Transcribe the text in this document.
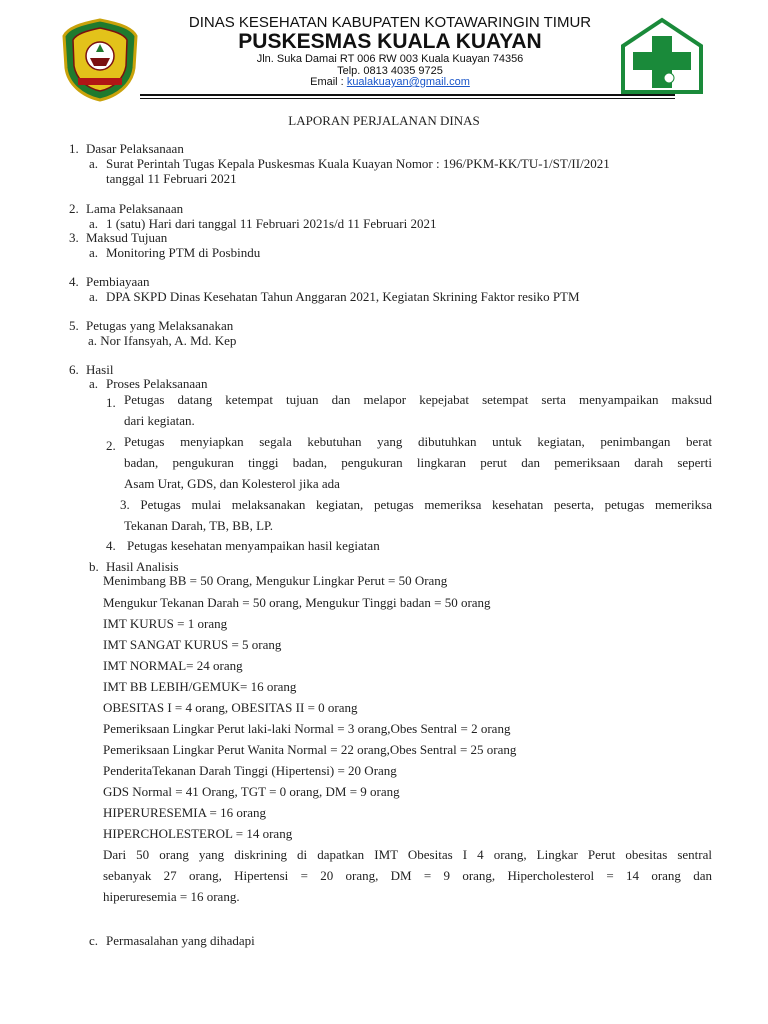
DINAS KESEHATAN KABUPATEN KOTAWARINGIN TIMUR
PUSKESMAS KUALA KUAYAN
Jln. Suka Damai RT 006 RW 003 Kuala Kuayan 74356
Telp. 0813 4035 9725
Email : kualakuayan@gmail.com
LAPORAN PERJALANAN DINAS
1. Dasar Pelaksanaan
a. Surat Perintah Tugas Kepala Puskesmas Kuala Kuayan Nomor : 196/PKM-KK/TU-1/ST/II/2021
tanggal 11 Februari 2021
2. Lama Pelaksanaan
a. 1 (satu) Hari dari tanggal 11 Februari 2021s/d 11 Februari 2021
3. Maksud Tujuan
a. Monitoring PTM di Posbindu
4. Pembiayaan
a. DPA SKPD Dinas Kesehatan Tahun Anggaran 2021, Kegiatan Skrining Faktor resiko PTM
5. Petugas yang Melaksanakan
a. Nor Ifansyah, A. Md. Kep
6. Hasil
a. Proses Pelaksanaan
1. Petugas datang ketempat tujuan dan melapor kepejabat setempat serta menyampaikan maksud
dari kegiatan.
2. Petugas menyiapkan segala kebutuhan yang dibutuhkan untuk kegiatan, penimbangan berat
badan, pengukuran tinggi badan, pengukuran lingkaran perut dan pemeriksaan darah seperti
Asam Urat, GDS, dan Kolesterol jika ada
3. Petugas mulai melaksanakan kegiatan, petugas memeriksa kesehatan peserta, petugas memeriksa
Tekanan Darah, TB, BB, LP.
4. Petugas kesehatan menyampaikan hasil kegiatan
b. Hasil Analisis
Menimbang BB = 50 Orang, Mengukur Lingkar Perut = 50 Orang
Mengukur Tekanan Darah = 50 orang, Mengukur Tinggi badan = 50 orang
IMT KURUS = 1 orang
IMT SANGAT KURUS = 5 orang
IMT NORMAL= 24 orang
IMT BB LEBIH/GEMUK= 16 orang
OBESITAS I = 4 orang, OBESITAS II = 0 orang
Pemeriksaan Lingkar Perut laki-laki Normal = 3 orang,Obes Sentral = 2 orang
Pemeriksaan Lingkar Perut Wanita Normal = 22 orang,Obes Sentral = 25 orang
PenderitaTekanan Darah Tinggi (Hipertensi) = 20 Orang
GDS Normal = 41 Orang, TGT = 0 orang, DM = 9 orang
HIPERURESEMIA = 16 orang
HIPERCHOLESTEROL = 14 orang
Dari 50 orang yang diskrining di dapatkan IMT Obesitas I 4 orang, Lingkar Perut obesitas sentral
sebanyak 27 orang, Hipertensi = 20 orang, DM = 9 orang, Hipercholesterol = 14 orang dan
hiperuresemia = 16 orang.
c. Permasalahan yang dihadapi
